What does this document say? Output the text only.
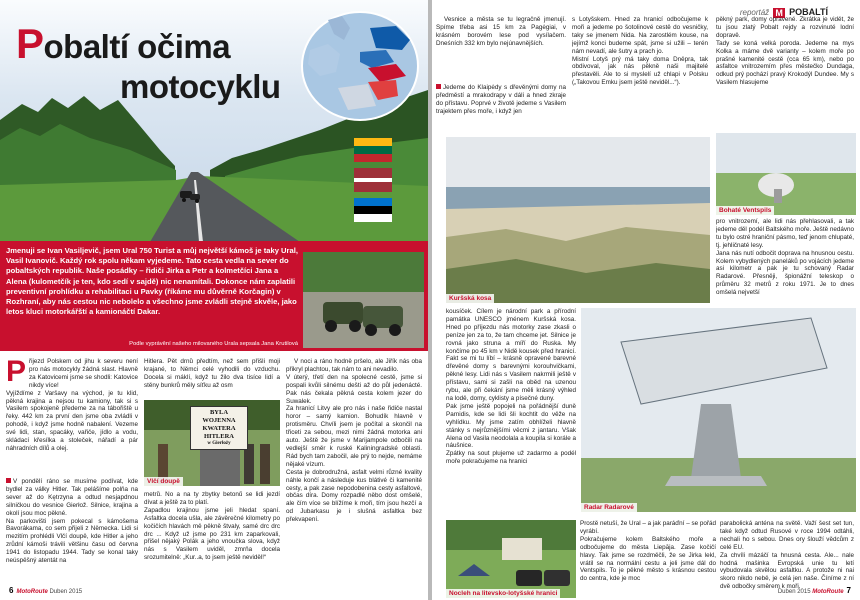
Pobaltí očima
motocyklu
Jmenuji se Ivan Vasiljevič, jsem Ural 750 Turist a můj největší kámoš je taky Ural, Vasil Ivanovič. Každý rok spolu někam vyjedeme. Tato cesta vedla na sever do pobaltských republik. Naše posádky – řidiči Jirka a Petr a kolmetčíci Jana a Alena (kulometčík je ten, kdo sedí v sajdě) nic nenamítali. Dokonce nám zaplatili preventivní prohlídku a rehabilitaci u Pavky (říkáme mu důvěrně Korčagin) v Rozhraní, aby nás cestou nic nebolelo a všechno jsme zvládli stejně skvěle, jako letos kluci motorkářští a kamionáčtí Dakar.
Podle vyprávění našeho milovaného Urala sepsala Jana Krutilová
P řijezd Polskem od jihu k severu není pro nás motocykly žádná slast. Hlavně za Katovicemi jsme se shodli: Katovice nikdy více!
Vyjíždíme z Varšavy na východ, je tu klid, pěkná krajina a nejsou tu kamiony, tak si s Vasilem spokojeně předeme za na tábořiště u řeky. 442 km za první den jsme oba zvládli v pohodě, i když jsme hodně nabalení. Vezeme své lidi, stan, spacáky, vařiče, jídlo a vodu, skládací křesílka a stoleček, nářadí a pár náhradních dílů a olej.

V pondělí ráno se musíme podívat, kde bydlel za války Hitler. Tak pelášíme polňa na sever až do Kętrzyna a odtud nesjapdnou silničkou do vesnice Gierłož. Silnice, krajina a okolí jsou moc pěkné.
Na parkovišti jsem pokecal s kámošema Bavorákama, co sem přijeli z Německa. Lidi si mezitím prohlédli Vlčí doupě, kde Hitler a jeho zrůdní kámoši trávili většinu času od června 1941 do listopadu 1944. Tady se konal taky neúspěšný atentát na

Hitlera. Pět drnů předtím, než sem přišli moji krajané, to Němci celé vyhodili do vzduchu. Docela si máklí, když tu žilo dva tisíce lidí a stěny bunkrů měly síťku až osm

BYLA
WOJENNA
KWATERA
HITLERA
w Gierłoży
Vlčí doupě

metrů. No a na ty zbytky betonů se lidi jezdí dívat a ještě za to platí.
Zapadlou krajinou jsme jeli hledat spaní. Asfaltka docela ušla, ale závěrečné kilometry po kočičích hlavách mě pěkně štvaly, samé drc drc drc ... Když už jsme po 231 km zaparkovali, přišel nějaký Polák a jeho vnoučka slova, když nás s Vasilem uviděl, zmrňa docela srozumitelně: „Kur..a, to jsem ještě neviděl!“

V noci a ráno hodně pršelo, ale Jiřík nás oba přikryl plachtou, tak nám to ani nevadilo.
V úterý, třetí den na spolecné cestě, jsme si pospali kvůli silnému dešti až do půl jedenácté. Pak nás čekala pěkná cesta kolem jezer do Suwalek.
Za hranicí Litvy ale pro nás i naše řidiče nastal horor – samý kamion. Bohudík hlavně v protisměru. Chvíli jsem je počítal a skončil na třiceti za sebou, mezi nimi žádná motorka ani auto. Ještě že jsme v Marijampole odbočili na vedlejší směr k ruské Kaliningradské oblasti. Rád bych tam zabočil, ale prý to nejde, nemáme nějaké vízum.
Cesta je dobrodružná, asfalt velmi různé kvality náhle končí a následuje kus blátivé či kamenité cesty, a pak zase nepodobenina cesty asfaltové, občas díra. Domy rozpadlé něbo dost omšelé, ale čím více se blížíme k moři, tím jsou hezčí a od Jubarkasu je i slušná asfaltka bez překvapení.

6 MotoRoute Duben 2015
reportáž M POBALTÍ

Vesnice a města se tu legračně jmenují. Spíme třeba asi 15 km za Pagėgiai, v krásném borovém lese pod vysílačem. Dneśních 332 km bylo nejúnavnějších.

Jedeme do Klaipėdy s dřevěnými domy na předměstí a mrakodrapy v dáli a hned zkraje do přístavu. Poprvé v životě jedeme s Vasilem trajektem přes moře, i když jen

s Lotyšskem. Hned za hranicí odbočujeme k moři a jedeme po šotolinové cestě do vesničky, taky se jmenem Nida. Na zarostlém kouse, na jejímž konci budeme spát, jsme si užili – terén nám nevadí, ale šutry a prach jo.
Mistní Lotyš prý má taky doma Dněpra, tak obdivoval, jak nás pěkně naši majitelé přestavěli. Ale to si myslelí už chlapi v Polsku („Takovou Emku jsem ještě neviděl...“).

pěkný park, domy opravené. Zkrátka je vidět, že tu jsou zlatý Pobalt rejdy a rozvinuté lodní dopravě.
Tady se koná velká poroda. Jedeme na mys Kolka a máme dvě varianty – kolem moře po prašné kamenité cestě (cca 65 km), nebo po asfaltce vnitrozemím přes městečko Dundaga, odkud prý pochází pravý Krokodýl Dundee. My s Vasilem hlasujeme

Kuršská kosa
Bohaté Ventspils

pro vnitrozemí, ale lidi nás přehlasovali, a tak jedeme děl podél Baltského moře. Ještě nedávno tu bylo ostré hraniční pásmo, teď jenom chlupaté, tj. jehličnaté lesy.
Jana nás nutí odbočit doprava na hnusnou cestu. Kolem vybydlených paneláků po vojácích jedeme asi kilometr a pak je tu schovaný Radar Radarové. Přesněji, špionážní teleskop o průměru 32 metrů z roku 1971. Je to dnes omšelá nejvetší

kousíček. Cílem je národní park a přírodní památka UNESCO jménem Kuršská kosa. Hned po příjezdu nás motorky zase zkasli o peníze jen za to, že tam chceme jet. Silnice je rovná jako struna a míří do Ruska. My končíme po 45 km v Nidě kousek před hranicí. Fakt se mi tu líbí – krásně opravené barevné dřevěné domy s barevnými korouhvičkami, pěkné lesy. Lidi nás s Vasilem nakrmili ještě v přístavu, sami si zašli na oběd na uzenou rybu, ale při čekání jsme měli krásný výhled na lodě, domy, cyklisty a písečné duny.
Pak jsme ještě popojeli na pořádnější duně Parnidis, kde se lidi šli kochtit do věže na vyhlídku. My jsme zatím obhlíželi hlavně stánky s nejrůznějšími věcmi z jantaru. Však Alena od Vasila neodolala a koupila si korále a náušnice.
Zpátky na sout plujeme už zadarmo a podél moře pokračujeme na hranici

Radar Radarové
Nocleh na litevsko-lotyšské hranici

Prostě netuší, že Ural – a jak paráďní – se pořád vyrábí.
Pokračujeme kolem Baltského moře a odbočujeme do města Liepāja. Zase kočičí hlavy. Tak jsme se rozdměčli, že se Jirka lekl, vrátil se na normální cestu a jeli jsme dál do Ventspils. To je pěkné město s krásnou cestou do centra, kde je moc

parabolická anténa na světě. Važí šest set tun, také když odtud Rusové v roce 1994 odtáhli, nechali ho s sebou. Dnes ory šlouží vědcům z celé EU.
Za chvíli mázáčí ta hnusná cesta. Ale... nale hodná mašinka Evropská unie tu letí vybudovala skvělou asfaltku. A protože ni nai skoro nikdo nebě, je celá jen naše. Číníme z ní dvě odbočky směrem k moři.

Duben 2015 MotoRoute 7
